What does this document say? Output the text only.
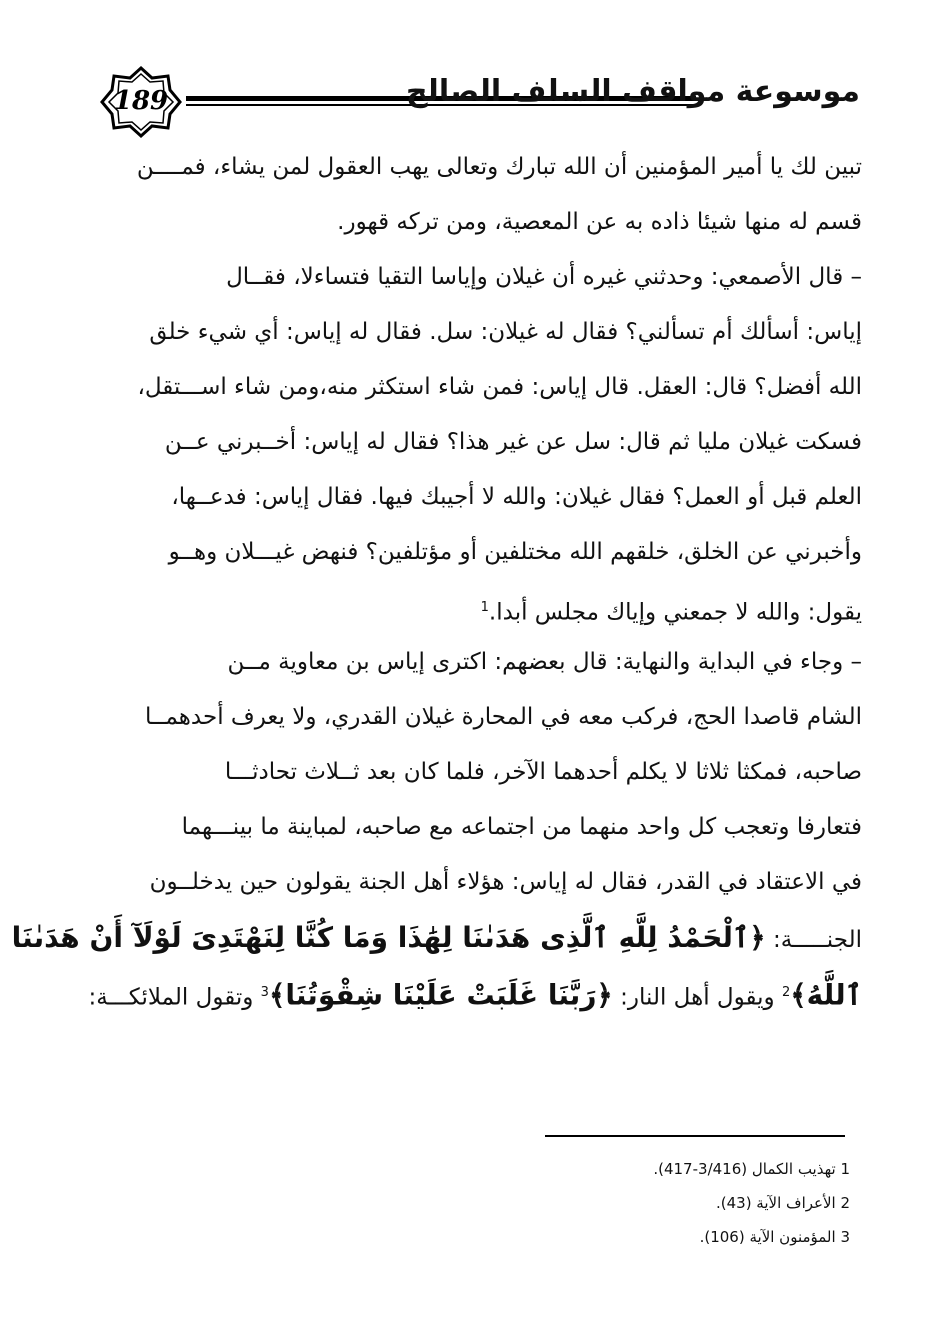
189	موسوعة مواقف السلف الصالح
تبين لك يا أمير المؤمنين أن الله تبارك وتعالى يهب العقول لمن يشاء، فمــــن
قسم له منها شيئا ذاده به عن المعصية، ومن تركه قهور.
– قال الأصمعي: وحدثني غيره أن غيلان وإياسا التقيا فتساءلا، فقــال
إياس: أسألك أم تسألني؟ فقال له غيلان: سل. فقال له إياس: أي شيء خلق
الله أفضل؟ قال: العقل. قال إياس: فمن شاء استكثر منه،ومن شاء اســـتقل،
فسكت غيلان مليا ثم قال: سل عن غير هذا؟ فقال له إياس: أخــبرني عــن
العلم قبل أو العمل؟ فقال غيلان: والله لا أجيبك فيها. فقال إياس: فدعــها،
وأخبرني عن الخلق، خلقهم الله مختلفين أو مؤتلفين؟ فنهض غيـــلان وهــو
يقول: والله لا جمعني وإياك مجلس أبدا.$^1$
– وجاء في البداية والنهاية: قال بعضهم: اكترى إياس بن معاوية مــن
الشام قاصدا الحج، فركب معه في المحارة غيلان القدري، ولا يعرف أحدهمــا
صاحبه، فمكثا ثلاثا لا يكلم أحدهما الآخر، فلما كان بعد ثــلاث تحادثـــا
فتعارفا وتعجب كل واحد منهما من اجتماعه مع صاحبه، لمباينة ما بينـــهما
في الاعتقاد في القدر، فقال له إياس: هؤلاء أهل الجنة يقولون حين يدخلــون
الجنـــــة: ﴿ٱلْحَمْدُ لِلَّهِ ٱلَّذِى هَدَىٰنَا لِهَٰذَا وَمَا كُنَّا لِنَهْتَدِىَ لَوْلَآ أَنْ هَدَىٰنَا
ٱللَّهُ﴾$^2$ ويقول أهل النار: ﴿رَبَّنَا غَلَبَتْ عَلَيْنَا شِقْوَتُنَا﴾$^3$ وتقول الملائكـــة:
1 تهذيب الكمال (3/416-417).
2 الأعراف الآية (43).
3 المؤمنون الآية (106).
